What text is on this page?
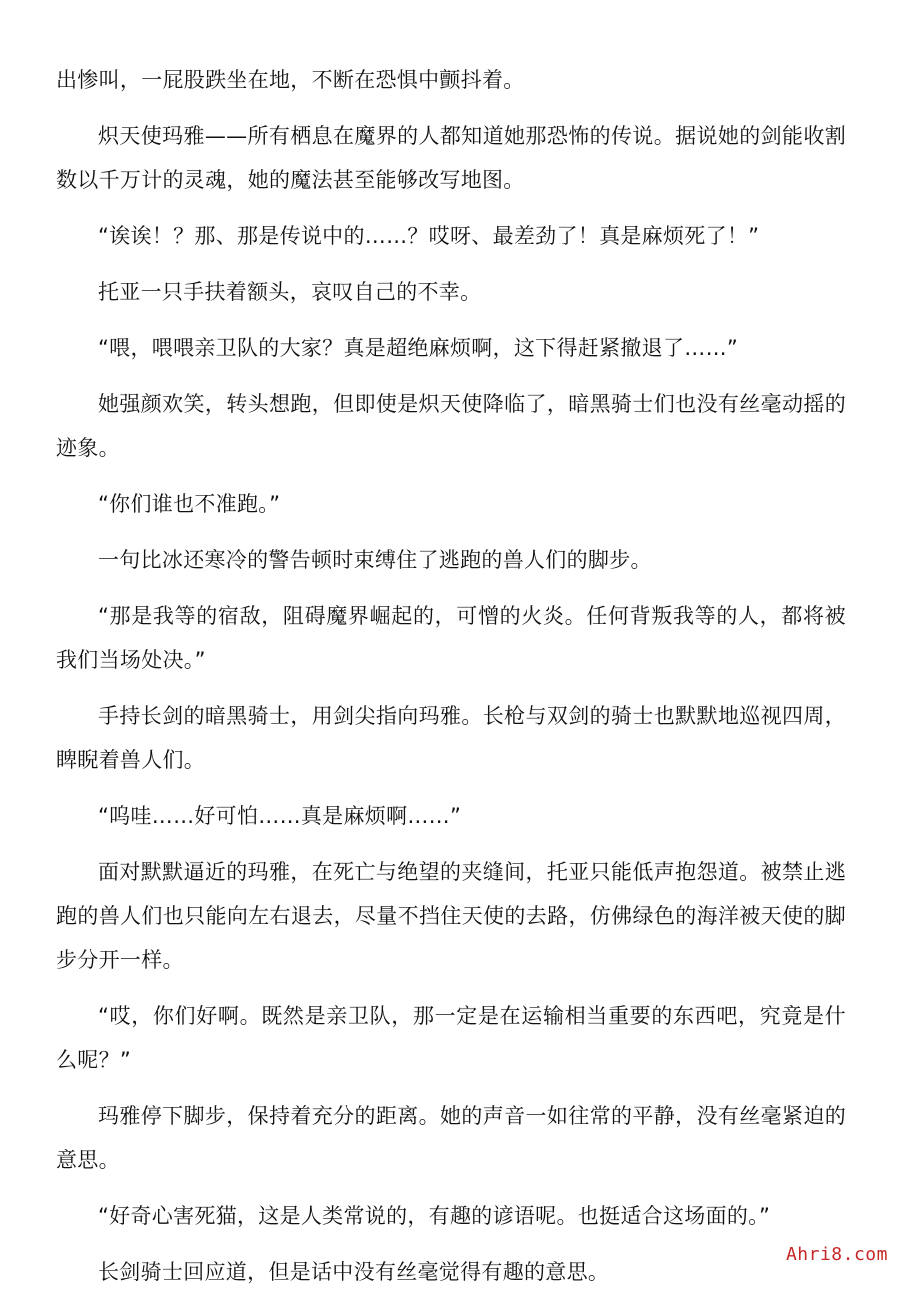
出惨叫，一屁股跌坐在地，不断在恐惧中颤抖着。

炽天使玛雅——所有栖息在魔界的人都知道她那恐怖的传说。据说她的剑能收割数以千万计的灵魂，她的魔法甚至能够改写地图。

“诶诶！？那、那是传说中的……？哎呀、最差劲了！真是麻烦死了！”

托亚一只手扶着额头，哀叹自己的不幸。

“喂，喂喂亲卫队的大家？真是超绝麻烦啊，这下得赶紧撤退了……”

她强颜欢笑，转头想跑，但即使是炽天使降临了，暗黑骑士们也没有丝毫动摇的迹象。

“你们谁也不准跑。”

一句比冰还寒冷的警告顿时束缚住了逃跑的兽人们的脚步。

“那是我等的宿敌，阻碍魔界崛起的，可憎的火炎。任何背叛我等的人，都将被我们当场处决。”

手持长剑的暗黑骑士，用剑尖指向玛雅。长枪与双剑的骑士也默默地巡视四周，睥睨着兽人们。

“呜哇……好可怕……真是麻烦啊……”

面对默默逼近的玛雅，在死亡与绝望的夹缝间，托亚只能低声抱怨道。被禁止逃跑的兽人们也只能向左右退去，尽量不挡住天使的去路，仿佛绿色的海洋被天使的脚步分开一样。

“哎，你们好啊。既然是亲卫队，那一定是在运输相当重要的东西吧，究竟是什么呢？”

玛雅停下脚步，保持着充分的距离。她的声音一如往常的平静，没有丝毫紧迫的意思。

“好奇心害死猫，这是人类常说的，有趣的谚语呢。也挺适合这场面的。”

长剑骑士回应道，但是话中没有丝毫觉得有趣的意思。

Ahri8.com
